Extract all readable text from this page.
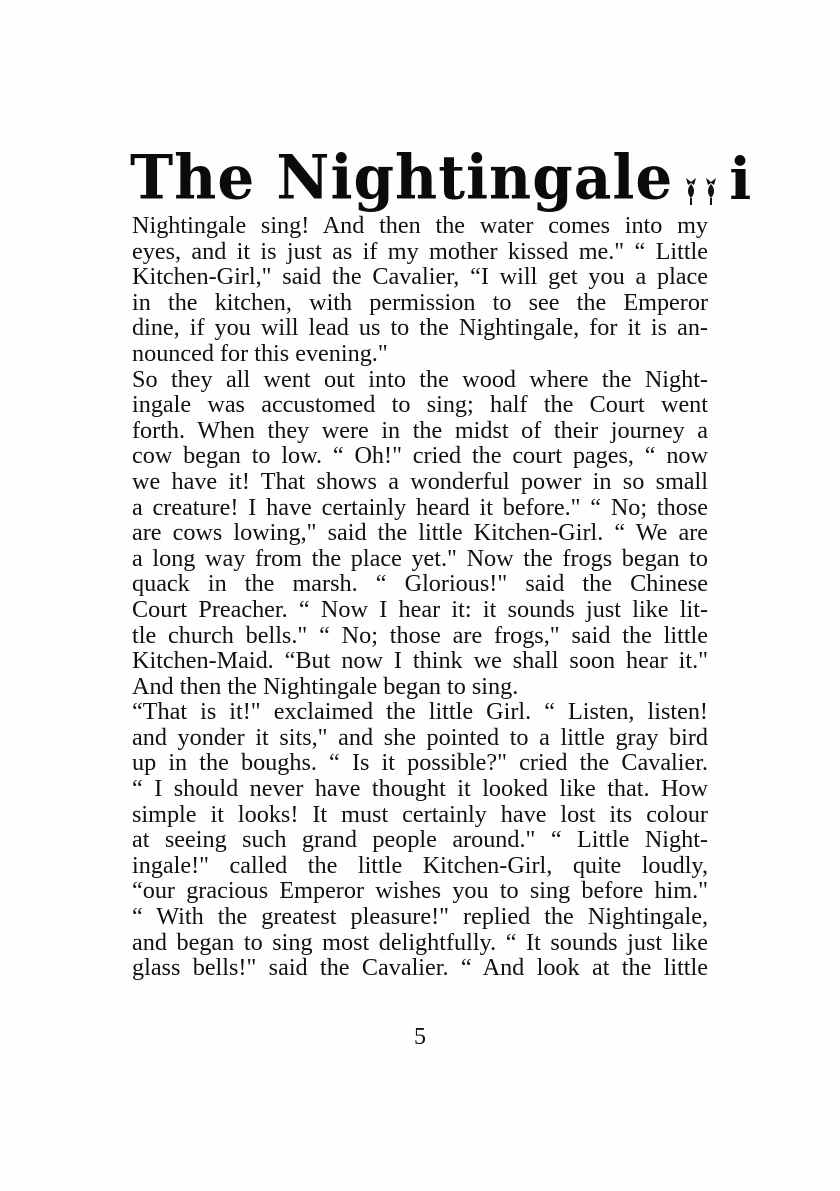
The Nightingale i
Nightingale sing! And then the water comes into my
eyes, and it is just as if my mother kissed me." “ Little
Kitchen-Girl," said the Cavalier, “I will get you a place
in the kitchen, with permission to see the Emperor
dine, if you will lead us to the Nightingale, for it is an-
nounced for this evening."
So they all went out into the wood where the Night-
ingale was accustomed to sing; half the Court went
forth. When they were in the midst of their journey a
cow began to low. “ Oh!" cried the court pages, “ now
we have it! That shows a wonderful power in so small
a creature! I have certainly heard it before." “ No; those
are cows lowing," said the little Kitchen-Girl. “ We are
a long way from the place yet." Now the frogs began to
quack in the marsh. “ Glorious!" said the Chinese
Court Preacher. “ Now I hear it: it sounds just like lit-
tle church bells." “ No; those are frogs," said the little
Kitchen-Maid. “But now I think we shall soon hear it."
And then the Nightingale began to sing.
“That is it!" exclaimed the little Girl. “ Listen, listen!
and yonder it sits," and she pointed to a little gray bird
up in the boughs. “ Is it possible?" cried the Cavalier.
“ I should never have thought it looked like that. How
simple it looks! It must certainly have lost its colour
at seeing such grand people around." “ Little Night-
ingale!" called the little Kitchen-Girl, quite loudly,
“our gracious Emperor wishes you to sing before him."
“ With the greatest pleasure!" replied the Nightingale,
and began to sing most delightfully. “ It sounds just like
glass bells!" said the Cavalier. “ And look at the little
5
